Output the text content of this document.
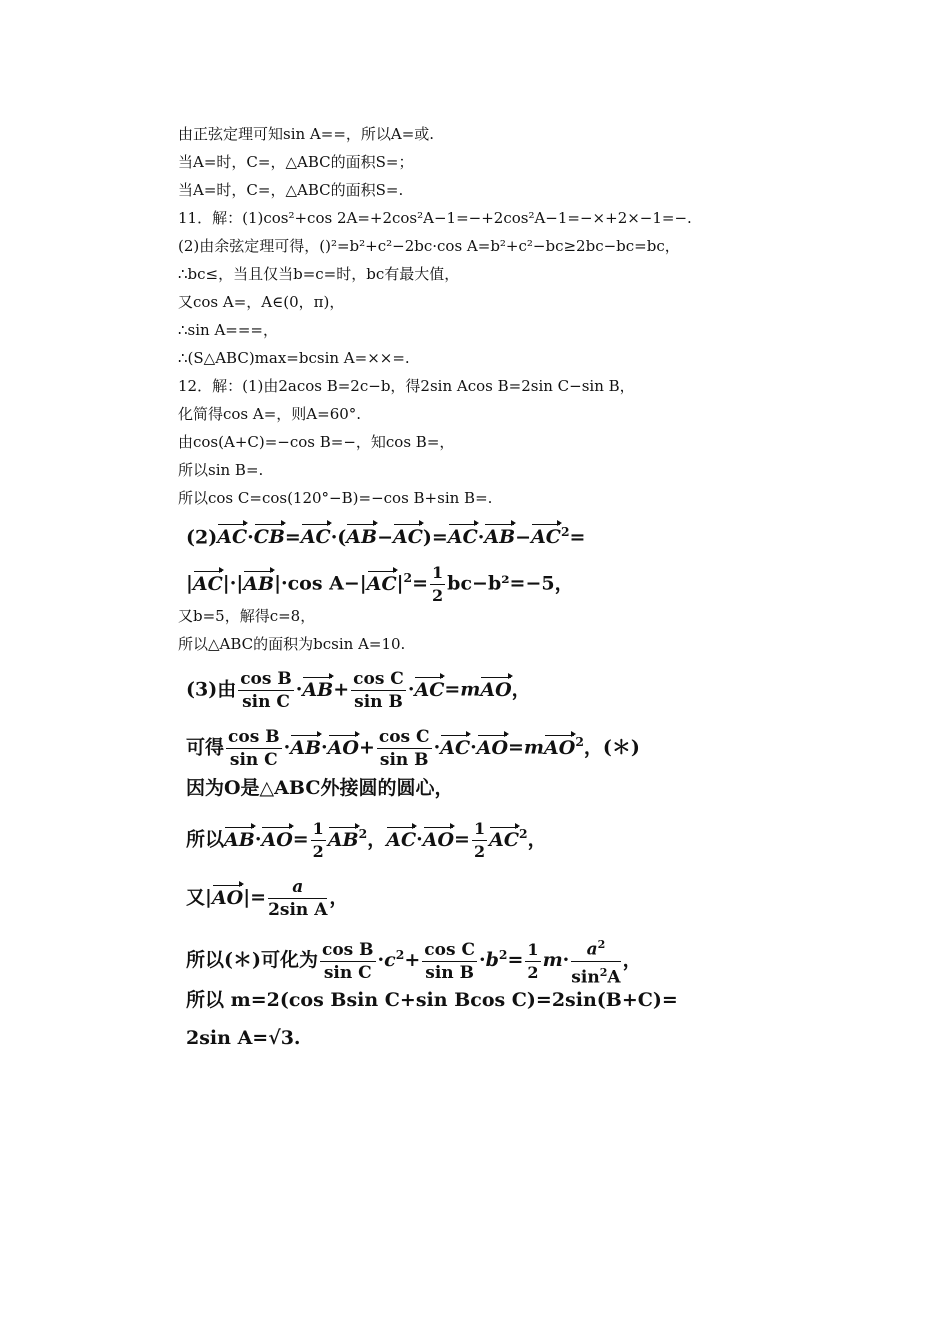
由正弦定理可知sin A==，所以A=或.
当A=时，C=，△ABC的面积S=；
当A=时，C=，△ABC的面积S=.
11．解：(1)cos²+cos 2A=+2cos²A−1=−+2cos²A−1=−×+2×−1=−.
(2)由余弦定理可得，()²=b²+c²−2bc·cos A=b²+c²−bc≥2bc−bc=bc，
∴bc≤，当且仅当b=c=时，bc有最大值，
又cos A=，A∈(0，π)，
∴sin A===，
∴(S△ABC)max=bcsin A=××=.
12．解：(1)由2acos B=2c−b，得2sin Acos B=2sin C−sin B，
化简得cos A=，则A=60°.
由cos(A+C)=−cos B=−，知cos B=，
所以sin B=.
所以cos C=cos(120°−B)=−cos B+sin B=.
$(2)AC\cdot CB=AC\cdot(AB-AC)=AC\cdot AB-AC^2=$
|AC|·|AB|·cos $A-|AC|^2= \frac{1}{2} bc-b^2=-5$，
又b=5，解得c=8，
所以△ABC的面积为bcsin A=10.
(3)由 $\frac{\text{cos B}}{\text{sin C}} \cdot AB+ \frac{\text{cos C}}{\text{sin B}} \cdot AC=mAO$，
可得 $\frac{\text{cos B}}{\text{sin C}} \cdot AB\cdot AO+ \frac{\text{cos C}}{\text{sin B}} \cdot AC\cdot AO=mAO^2$，(＊)
因为O是△ABC外接圆的圆心，
所以$AB\cdot AO= \frac{1}{2} AB^2$，$AC\cdot AO= \frac{1}{2} AC^2$，
又$|AO|= \frac{a}{\text{2sin A}}$ ，
所以(＊)可化为 $\frac{\text{cos B}}{\text{sin C}} \cdot c^2+ \frac{\text{cos C}}{\text{sin B}} \cdot b^2= \frac{1}{2} m\cdot \frac{a^2}{\sin^2A}$ ，
所以 m=2(cos Bsin C+sin Bcos C)=2sin(B+C)=
2sin A=√3.
